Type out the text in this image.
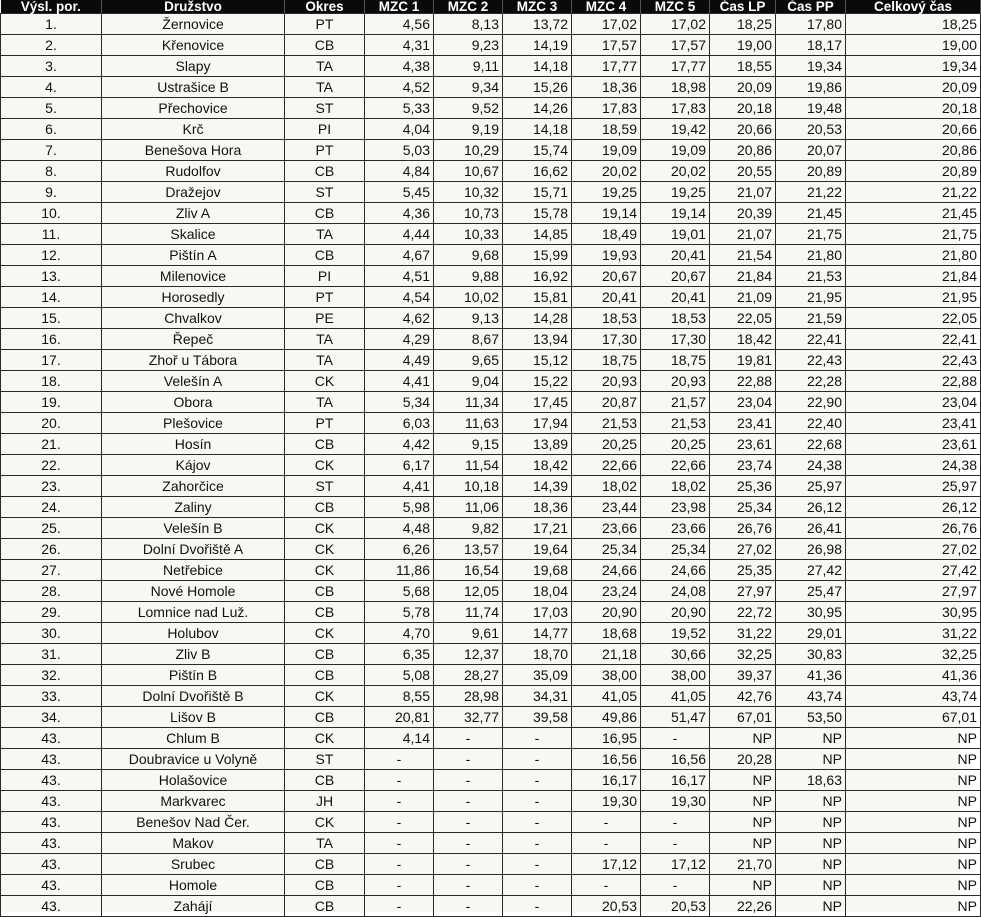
Výsl. por.	Družstvo	Okres	MZC 1	MZC 2	MZC 3	MZC 4	MZC 5	Čas LP	Čas PP	Celkový čas
1.	Žernovice	PT	4,56	8,13	13,72	17,02	17,02	18,25	17,80	18,25
2.	Křenovice	CB	4,31	9,23	14,19	17,57	17,57	19,00	18,17	19,00
3.	Slapy	TA	4,38	9,11	14,18	17,77	17,77	18,55	19,34	19,34
4.	Ustrašice B	TA	4,52	9,34	15,26	18,36	18,98	20,09	19,86	20,09
5.	Přechovice	ST	5,33	9,52	14,26	17,83	17,83	20,18	19,48	20,18
6.	Krč	PI	4,04	9,19	14,18	18,59	19,42	20,66	20,53	20,66
7.	Benešova Hora	PT	5,03	10,29	15,74	19,09	19,09	20,86	20,07	20,86
8.	Rudolfov	CB	4,84	10,67	16,62	20,02	20,02	20,55	20,89	20,89
9.	Dražejov	ST	5,45	10,32	15,71	19,25	19,25	21,07	21,22	21,22
10.	Zliv A	CB	4,36	10,73	15,78	19,14	19,14	20,39	21,45	21,45
11.	Skalice	TA	4,44	10,33	14,85	18,49	19,01	21,07	21,75	21,75
12.	Pištín A	CB	4,67	9,68	15,99	19,93	20,41	21,54	21,80	21,80
13.	Milenovice	PI	4,51	9,88	16,92	20,67	20,67	21,84	21,53	21,84
14.	Horosedly	PT	4,54	10,02	15,81	20,41	20,41	21,09	21,95	21,95
15.	Chvalkov	PE	4,62	9,13	14,28	18,53	18,53	22,05	21,59	22,05
16.	Řepeč	TA	4,29	8,67	13,94	17,30	17,30	18,42	22,41	22,41
17.	Zhoř u Tábora	TA	4,49	9,65	15,12	18,75	18,75	19,81	22,43	22,43
18.	Velešín A	CK	4,41	9,04	15,22	20,93	20,93	22,88	22,28	22,88
19.	Obora	TA	5,34	11,34	17,45	20,87	21,57	23,04	22,90	23,04
20.	Plešovice	PT	6,03	11,63	17,94	21,53	21,53	23,41	22,40	23,41
21.	Hosín	CB	4,42	9,15	13,89	20,25	20,25	23,61	22,68	23,61
22.	Kájov	CK	6,17	11,54	18,42	22,66	22,66	23,74	24,38	24,38
23.	Zahorčice	ST	4,41	10,18	14,39	18,02	18,02	25,36	25,97	25,97
24.	Zaliny	CB	5,98	11,06	18,36	23,44	23,98	25,34	26,12	26,12
25.	Velešín B	CK	4,48	9,82	17,21	23,66	23,66	26,76	26,41	26,76
26.	Dolní Dvořiště A	CK	6,26	13,57	19,64	25,34	25,34	27,02	26,98	27,02
27.	Netřebice	CK	11,86	16,54	19,68	24,66	24,66	25,35	27,42	27,42
28.	Nové Homole	CB	5,68	12,05	18,04	23,24	24,08	27,97	25,47	27,97
29.	Lomnice nad Luž.	CB	5,78	11,74	17,03	20,90	20,90	22,72	30,95	30,95
30.	Holubov	CK	4,70	9,61	14,77	18,68	19,52	31,22	29,01	31,22
31.	Zliv B	CB	6,35	12,37	18,70	21,18	30,66	32,25	30,83	32,25
32.	Pištín B	CB	5,08	28,27	35,09	38,00	38,00	39,37	41,36	41,36
33.	Dolní Dvořiště B	CK	8,55	28,98	34,31	41,05	41,05	42,76	43,74	43,74
34.	Lišov B	CB	20,81	32,77	39,58	49,86	51,47	67,01	53,50	67,01
43.	Chlum B	CK	4,14	-	-	16,95	-	NP	NP	NP
43.	Doubravice u Volyně	ST	-	-	-	16,56	16,56	20,28	NP	NP
43.	Holašovice	CB	-	-	-	16,17	16,17	NP	18,63	NP
43.	Markvarec	JH	-	-	-	19,30	19,30	NP	NP	NP
43.	Benešov Nad Čer.	CK	-	-	-	-	-	NP	NP	NP
43.	Makov	TA	-	-	-	-	-	NP	NP	NP
43.	Srubec	CB	-	-	-	17,12	17,12	21,70	NP	NP
43.	Homole	CB	-	-	-	-	-	NP	NP	NP
43.	Zahájí	CB	-	-	-	20,53	20,53	22,26	NP	NP
